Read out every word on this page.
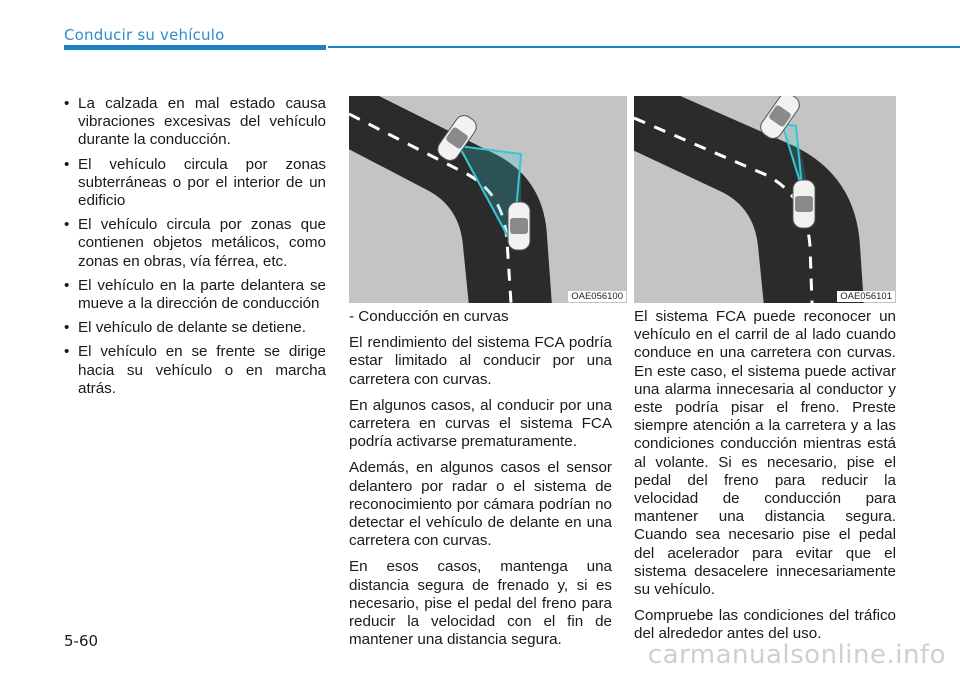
Conducir su vehículo
• La calzada en mal estado causa vibraciones excesivas del vehículo durante la conducción.
• El vehículo circula por zonas subterráneas o por el interior de un edificio
• El vehículo circula por zonas que contienen objetos metálicos, como zonas en obras, vía férrea, etc.
• El vehículo en la parte delantera se mueve a la dirección de conducción
• El vehículo de delante se detiene.
• El vehículo en se frente se dirige hacia su vehículo o en marcha atrás.
OAE056100	OAE056101

- Conducción en curvas

El rendimiento del sistema FCA podría estar limitado al conducir por una carretera con curvas.

En algunos casos, al conducir por una carretera en curvas el sistema FCA podría activarse prematuramente.

Además, en algunos casos el sensor delantero por radar o el sistema de reconocimiento por cámara podrían no detectar el vehículo de delante en una carretera con curvas.

En esos casos, mantenga una distancia segura de frenado y, si es necesario, pise el pedal del freno para reducir la velocidad con el fin de mantener una distancia segura.

El sistema FCA puede reconocer un vehículo en el carril de al lado cuando conduce en una carretera con curvas. En este caso, el sistema puede activar una alarma innecesaria al conductor y este podría pisar el freno. Preste siempre atención a la carretera y a las condiciones conducción mientras está al volante. Si es necesario, pise el pedal del freno para reducir la velocidad de conducción para mantener una distancia segura. Cuando sea necesario pise el pedal del acelerador para evitar que el sistema desacelere innecesariamente su vehículo.

Compruebe las condiciones del tráfico del alrededor antes del uso.

5-60	carmanualsonline.info
